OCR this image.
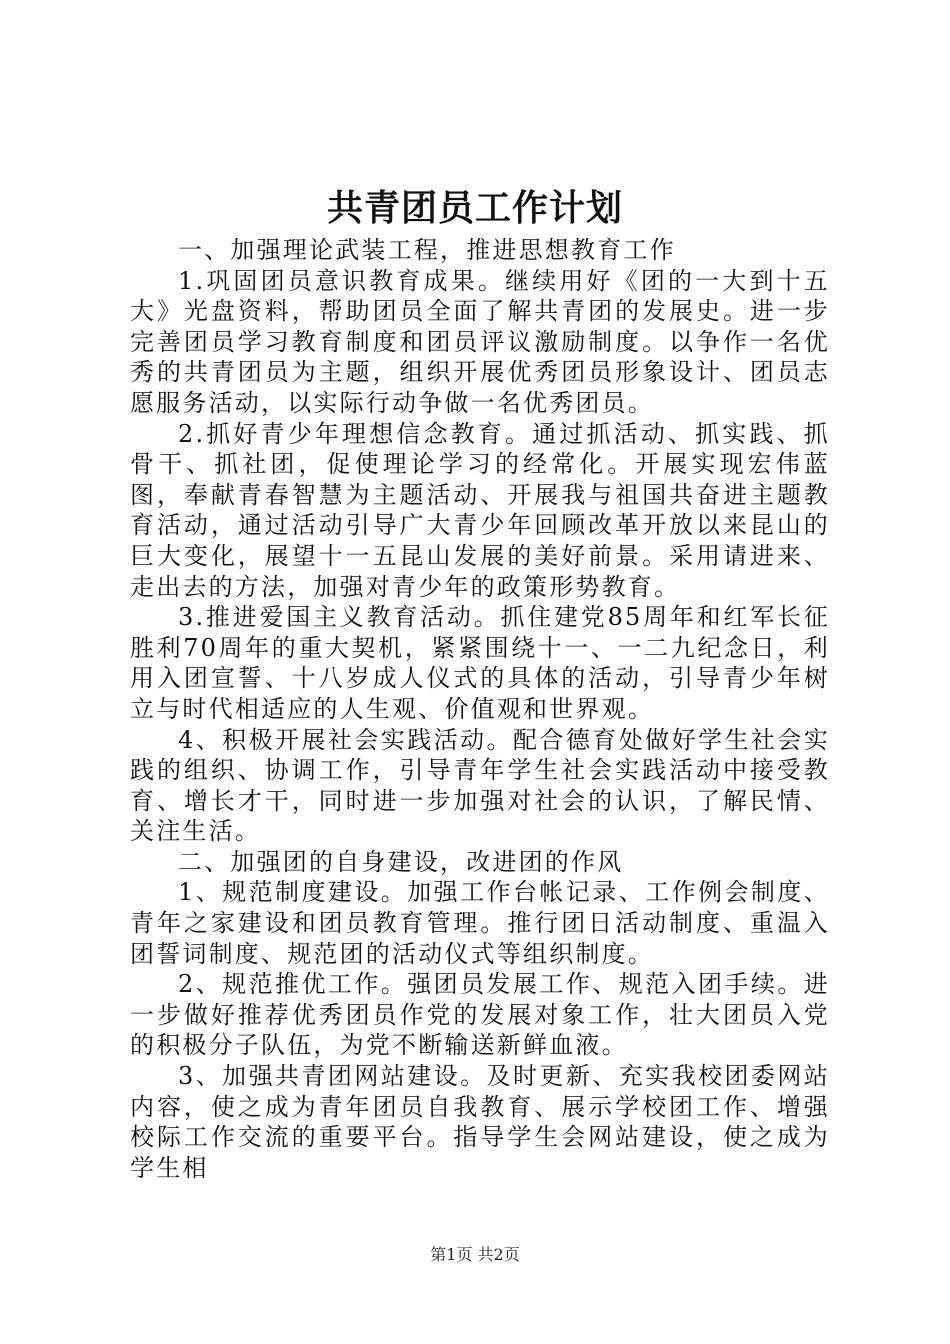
共青团员工作计划

一、加强理论武装工程，推进思想教育工作

1.巩固团员意识教育成果。继续用好《团的一大到十五大》光盘资料，帮助团员全面了解共青团的发展史。进一步完善团员学习教育制度和团员评议激励制度。以争作一名优秀的共青团员为主题，组织开展优秀团员形象设计、团员志愿服务活动，以实际行动争做一名优秀团员。

2.抓好青少年理想信念教育。通过抓活动、抓实践、抓骨干、抓社团，促使理论学习的经常化。开展实现宏伟蓝图，奉献青春智慧为主题活动、开展我与祖国共奋进主题教育活动，通过活动引导广大青少年回顾改革开放以来昆山的巨大变化，展望十一五昆山发展的美好前景。采用请进来、走出去的方法，加强对青少年的政策形势教育。

3.推进爱国主义教育活动。抓住建党85周年和红军长征胜利70周年的重大契机，紧紧围绕十一、一二九纪念日，利用入团宣誓、十八岁成人仪式的具体的活动，引导青少年树立与时代相适应的人生观、价值观和世界观。

4、积极开展社会实践活动。配合德育处做好学生社会实践的组织、协调工作，引导青年学生社会实践活动中接受教育、增长才干，同时进一步加强对社会的认识，了解民情、关注生活。

二、加强团的自身建设，改进团的作风

1、规范制度建设。加强工作台帐记录、工作例会制度、青年之家建设和团员教育管理。推行团日活动制度、重温入团誓词制度、规范团的活动仪式等组织制度。

2、规范推优工作。强团员发展工作、规范入团手续。进一步做好推荐优秀团员作党的发展对象工作，壮大团员入党的积极分子队伍，为党不断输送新鲜血液。

3、加强共青团网站建设。及时更新、充实我校团委网站内容，使之成为青年团员自我教育、展示学校团工作、增强校际工作交流的重要平台。指导学生会网站建设，使之成为学生相

第1页 共2页
